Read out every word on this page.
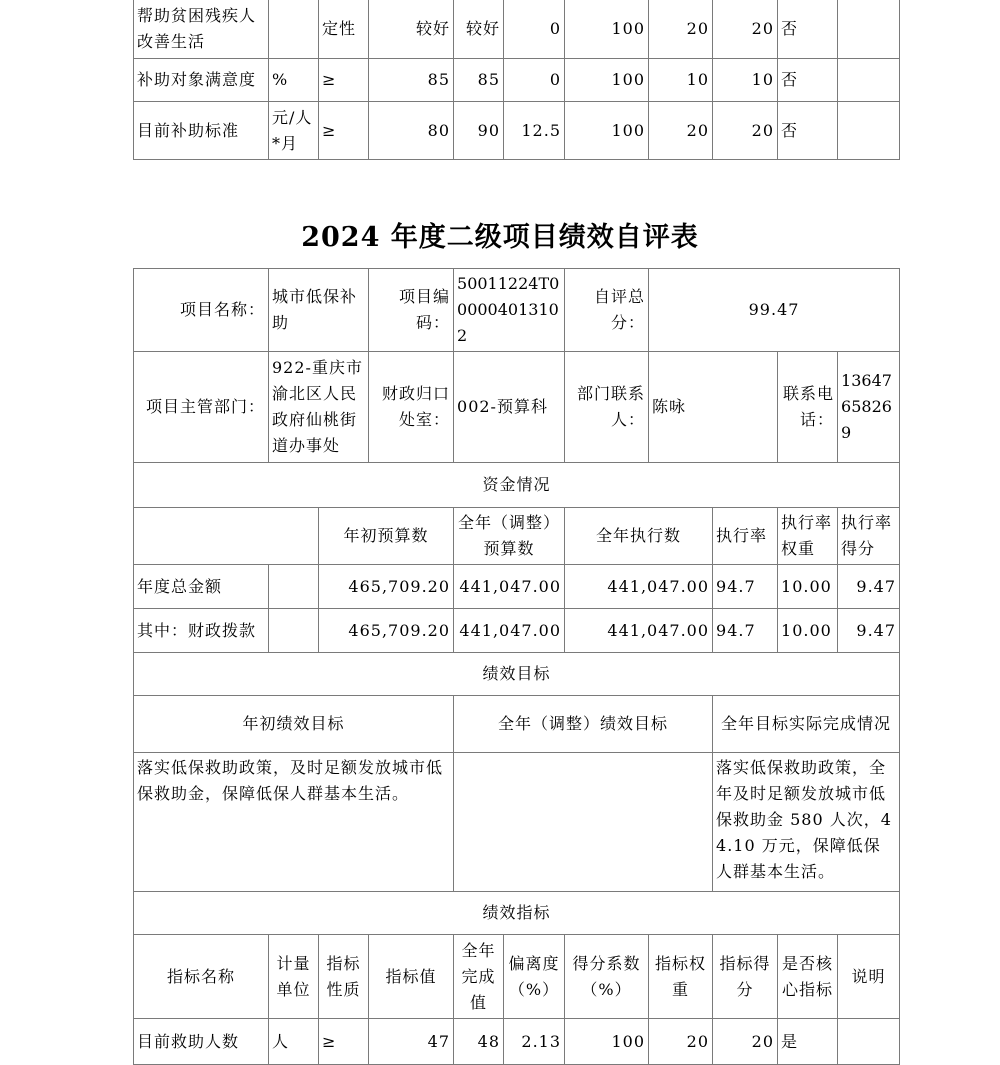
帮助贫困残疾人改善生活		定性	较好	较好	0	100	20	20	否	
补助对象满意度	%	≥	85	85	0	100	10	10	否	
目前补助标准	元/人*月	≥	80	90	12.5	100	20	20	否	
2024 年度二级项目绩效自评表
项目名称：	城市低保补助		项目编码：	50011224T000004013102		自评总分：	99.47			
项目主管部门：	922-重庆市渝北区人民政府仙桃街道办事处		财政归口处室：	002-预算科		部门联系人：	陈咏		联系电话：	13647658269
资金情况										
		年初预算数		全年（调整）预算数		全年执行数		执行率	执行率权重	执行率得分
年度总金额		465,709.20		441,047.00		441,047.00		94.7	10.00	9.47
其中：财政拨款		465,709.20		441,047.00		441,047.00		94.7	10.00	9.47
绩效目标										
年初绩效目标				全年（调整）绩效目标				全年目标实际完成情况		
落实低保救助政策，及时足额发放城市低保救助金，保障低保人群基本生活。								落实低保救助政策，全年及时足额发放城市低保救助金 580 人次，44.10 万元，保障低保人群基本生活。		
绩效指标										
指标名称	计量单位	指标性质	指标值	全年完成值	偏离度（%）	得分系数（%）	指标权重	指标得分	是否核心指标	说明
目前救助人数	人	≥	47	48	2.13	100	20	20	是	
